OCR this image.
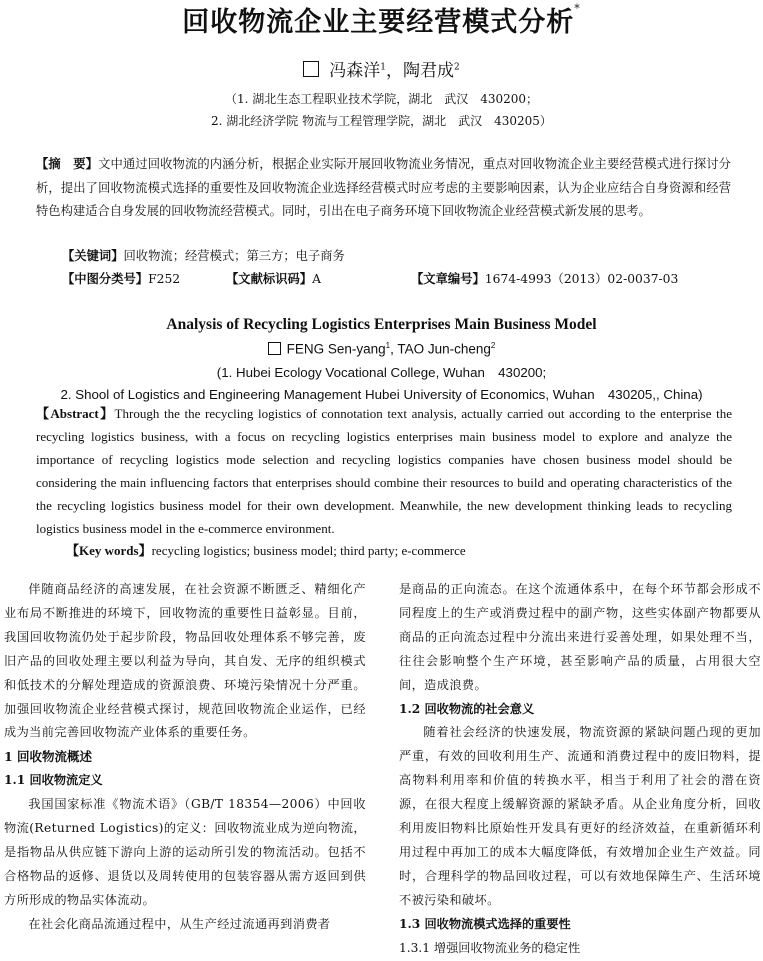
回收物流企业主要经营模式分析*
冯森洋$^1$，陶君成$^2$
（1. 湖北生态工程职业技术学院，湖北　武汉　430200；
2. 湖北经济学院 物流与工程管理学院，湖北　武汉　430205）
【摘　要】文中通过回收物流的内涵分析，根据企业实际开展回收物流业务情况，重点对回收物流企业主要经营模式进行探讨分析，提出了回收物流模式选择的重要性及回收物流企业选择经营模式时应考虑的主要影响因素，认为企业应结合自身资源和经营特色构建适合自身发展的回收物流经营模式。同时，引出在电子商务环境下回收物流企业经营模式新发展的思考。
【关键词】回收物流；经营模式；第三方；电子商务
【中图分类号】F252	【文献标识码】A	【文章编号】1674-4993（2013）02-0037-03
Analysis of Recycling Logistics Enterprises Main Business Model
FENG Sen-yang$^1$, TAO Jun-cheng$^2$
(1. Hubei Ecology Vocational College, Wuhan　430200;
2. Shool of Logistics and Engineering Management Hubei University of Economics, Wuhan　430205,, China)
【Abstract】Through the the recycling logistics of connotation text analysis, actually carried out according to the enterprise the recycling logistics business, with a focus on recycling logistics enterprises main business model to explore and analyze the importance of recycling logistics mode selection and recycling logistics companies have chosen business model should be considering the main influencing factors that enterprises should combine their resources to build and operating characteristics of the the recycling logistics business model for their own development. Meanwhile, the new development thinking leads to recycling logistics business model in the e-commerce environment.
【Key words】recycling logistics; business model; third party; e-commerce

伴随商品经济的高速发展，在社会资源不断匮乏、精细化产业布局不断推进的环境下，回收物流的重要性日益彰显。目前，我国回收物流仍处于起步阶段，物品回收处理体系不够完善，废旧产品的回收处理主要以利益为导向，其自发、无序的组织模式和低技术的分解处理造成的资源浪费、环境污染情况十分严重。加强回收物流企业经营模式探讨，规范回收物流企业运作，已经成为当前完善回收物流产业体系的重要任务。

1 回收物流概述
1.1 回收物流定义

我国国家标准《物流术语》（GB/T 18354—2006）中回收物流(Returned Logistics)的定义：回收物流业成为逆向物流，是指物品从供应链下游向上游的运动所引发的物流活动。包括不合格物品的返修、退货以及周转使用的包装容器从需方返回到供方所形成的物品实体流动。

在社会化商品流通过程中，从生产经过流通再到消费者

是商品的正向流态。在这个流通体系中，在每个环节都会形成不同程度上的生产或消费过程中的副产物，这些实体副产物都要从商品的正向流态过程中分流出来进行妥善处理，如果处理不当，往往会影响整个生产环境，甚至影响产品的质量，占用很大空间，造成浪费。

1.2 回收物流的社会意义

随着社会经济的快速发展，物流资源的紧缺问题凸现的更加严重，有效的回收利用生产、流通和消费过程中的废旧物料，提高物料利用率和价值的转换水平，相当于利用了社会的潜在资源，在很大程度上缓解资源的紧缺矛盾。从企业角度分析，回收利用废旧物料比原始性开发具有更好的经济效益，在重新循环利用过程中再加工的成本大幅度降低，有效增加企业生产效益。同时，合理科学的物品回收过程，可以有效地保障生产、生活环境不被污染和破坏。

1.3 回收物流模式选择的重要性
1.3.1 增强回收物流业务的稳定性
